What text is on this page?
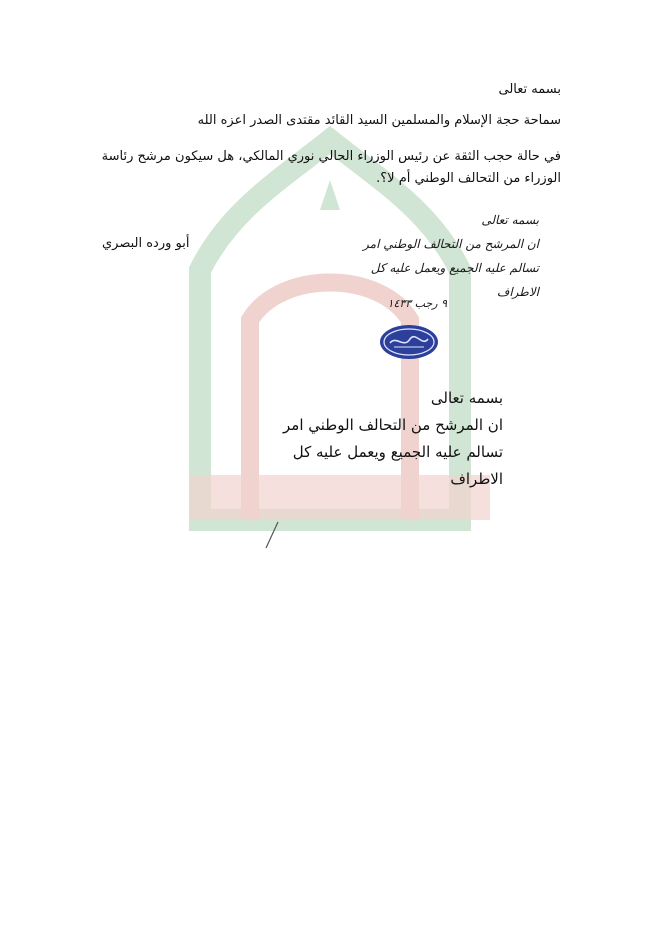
بسمه تعالى
سماحة حجة الإسلام والمسلمين السيد القائد مقتدى الصدر اعزه الله
في حالة حجب الثقة عن رئيس الوزراء الحالي نوري المالكي، هل سيكون مرشح رئاسة الوزراء من التحالف الوطني أم لا؟.
بسمه تعالى
ان المرشح من التحالف الوطني امر
تسالم عليه الجميع ويعمل عليه كل
الاطراف
٩ رجب ١٤٣٣
أبو ورده البصري
بسمه تعالى
ان المرشح من التحالف الوطني امر
تسالم عليه الجميع ويعمل عليه كل
الاطراف
